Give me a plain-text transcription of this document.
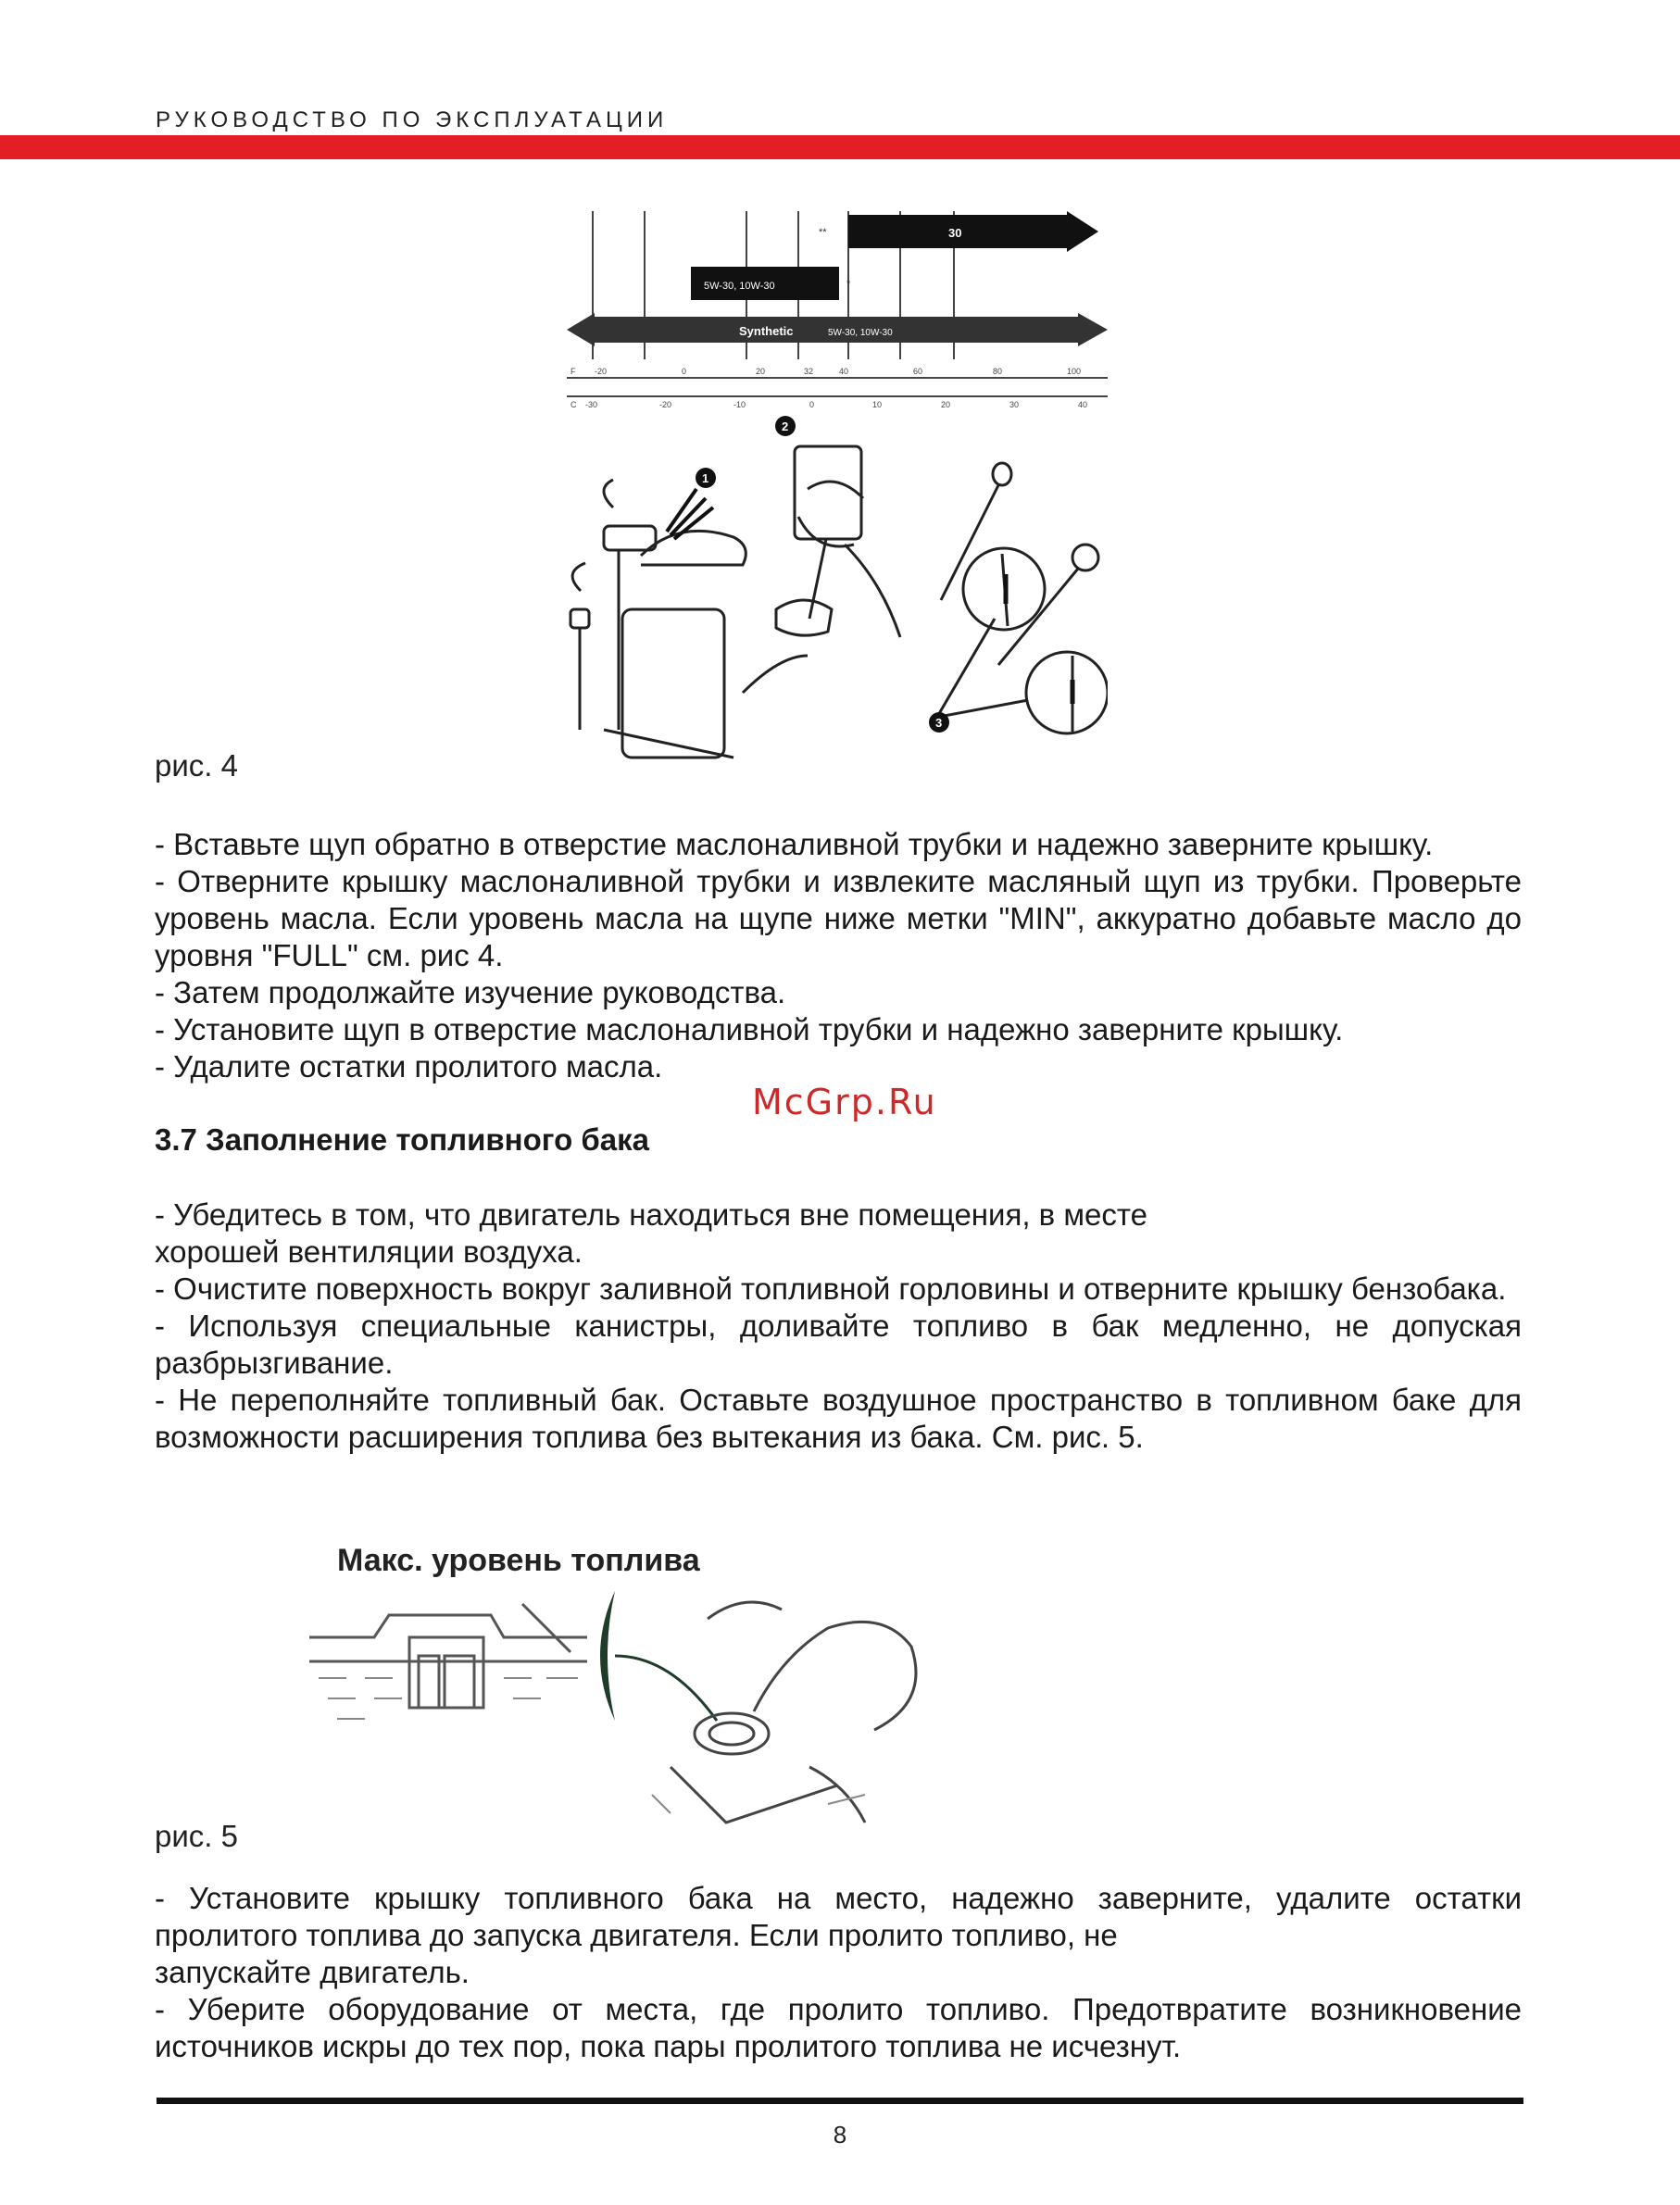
РУКОВОДСТВО ПО ЭКСПЛУАТАЦИИ
30
**
5W-30, 10W-30	*
Synthetic	5W-30, 10W-30
F
C
-20	0	20	32	40	60	80	100
-30	-20	-10	0	10	20	30	40
1
2
3
рис. 4

- Вставьте щуп обратно в отверстие маслоналивной трубки и надежно заверните крышку.

- Отверните крышку маслоналивной трубки и извлеките масляный щуп из трубки. Проверьте уровень масла. Если уровень масла на щупе ниже метки "MIN", аккуратно добавьте масло до уровня "FULL" см. рис 4.

- Затем продолжайте изучение руководства.

- Установите щуп в отверстие маслоналивной трубки и надежно заверните крышку.

- Удалите остатки пролитого масла.

McGrp.Ru
3.7 Заполнение топливного бака

- Убедитесь в том, что двигатель находиться вне помещения, в месте

хорошей вентиляции воздуха.

- Очистите поверхность вокруг заливной топливной горловины и отверните крышку бензобака.

- Используя специальные канистры, доливайте топливо в бак медленно, не допуская разбрызгивание.

- Не переполняйте топливный бак. Оставьте воздушное пространство в топливном баке для возможности расширения топлива без вытекания из бака. См. рис. 5.

Макс. уровень топлива
рис. 5

- Установите крышку топливного бака на место, надежно заверните, удалите остатки

пролитого топлива до запуска двигателя. Если пролито топливо, не

запускайте двигатель.

- Уберите оборудование от места, где пролито топливо. Предотвратите возникновение источников искры до тех пор, пока пары пролитого топлива не исчезнут.

8
